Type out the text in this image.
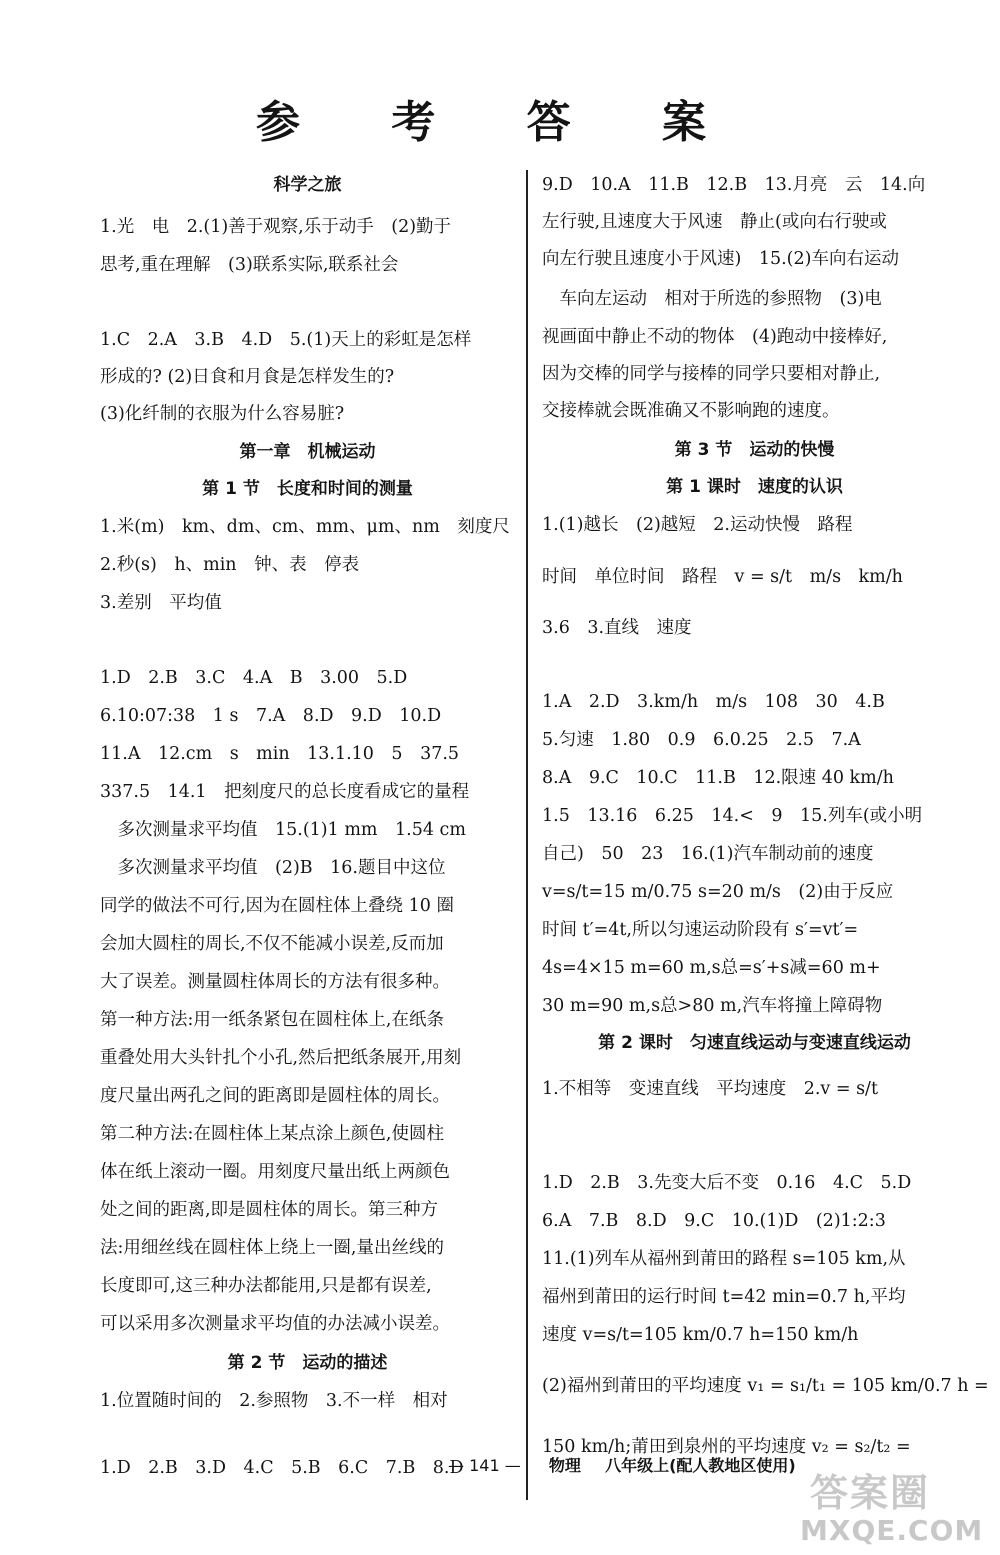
参 考 答 案
科学之旅
1.光　电　2.(1)善于观察,乐于动手　(2)勤于
思考,重在理解　(3)联系实际,联系社会
1.C　2.A　3.B　4.D　5.(1)天上的彩虹是怎样
形成的? (2)日食和月食是怎样发生的?
(3)化纤制的衣服为什么容易脏?
第一章　机械运动
第 1 节　长度和时间的测量
1.米(m)　km、dm、cm、mm、μm、nm　刻度尺
2.秒(s)　h、min　钟、表　停表
3.差别　平均值
1.D　2.B　3.C　4.A　B　3.00　5.D
6.10:07:38　1 s　7.A　8.D　9.D　10.D
11.A　12.cm　s　min　13.1.10　5　37.5
337.5　14.1　把刻度尺的总长度看成它的量程
　多次测量求平均值　15.(1)1 mm　1.54 cm
　多次测量求平均值　(2)B　16.题目中这位
同学的做法不可行,因为在圆柱体上叠绕 10 圈
会加大圆柱的周长,不仅不能减小误差,反而加
大了误差。测量圆柱体周长的方法有很多种。
第一种方法:用一纸条紧包在圆柱体上,在纸条
重叠处用大头针扎个小孔,然后把纸条展开,用刻
度尺量出两孔之间的距离即是圆柱体的周长。
第二种方法:在圆柱体上某点涂上颜色,使圆柱
体在纸上滚动一圈。用刻度尺量出纸上两颜色
处之间的距离,即是圆柱体的周长。第三种方
法:用细丝线在圆柱体上绕上一圈,量出丝线的
长度即可,这三种办法都能用,只是都有误差,
可以采用多次测量求平均值的办法减小误差。
第 2 节　运动的描述
1.位置随时间的　2.参照物　3.不一样　相对
1.D　2.B　3.D　4.C　5.B　6.C　7.B　8.D
9.D　10.A　11.B　12.B　13.月亮　云　14.向
左行驶,且速度大于风速　静止(或向右行驶或
向左行驶且速度小于风速)　15.(2)车向右运动
　车向左运动　相对于所选的参照物　(3)电
视画面中静止不动的物体　(4)跑动中接棒好,
因为交棒的同学与接棒的同学只要相对静止,
交接棒就会既准确又不影响跑的速度。
第 3 节　运动的快慢
第 1 课时　速度的认识
1.(1)越长　(2)越短　2.运动快慢　路程
时间　单位时间　路程　v = s/t　m/s　km/h
3.6　3.直线　速度
1.A　2.D　3.km/h　m/s　108　30　4.B
5.匀速　1.80　0.9　6.0.25　2.5　7.A
8.A　9.C　10.C　11.B　12.限速 40 km/h
1.5　13.16　6.25　14.<　9　15.列车(或小明
自己)　50　23　16.(1)汽车制动前的速度
v=s/t=15 m/0.75 s=20 m/s　(2)由于反应
时间 t′=4t,所以匀速运动阶段有 s′=vt′=
4s=4×15 m=60 m,s总=s′+s减=60 m+
30 m=90 m,s总>80 m,汽车将撞上障碍物
第 2 课时　匀速直线运动与变速直线运动
1.不相等　变速直线　平均速度　2.v = s/t
1.D　2.B　3.先变大后不变　0.16　4.C　5.D
6.A　7.B　8.D　9.C　10.(1)D　(2)1:2:3
11.(1)列车从福州到莆田的路程 s=105 km,从
福州到莆田的运行时间 t=42 min=0.7 h,平均
速度 v=s/t=105 km/0.7 h=150 km/h
(2)福州到莆田的平均速度 v₁ = s₁/t₁ = 105 km/0.7 h =
150 km/h;莆田到泉州的平均速度 v₂ = s₂/t₂ =
— 141 — 物理 八年级上(配人教地区使用)
答案圈
MXQE.COM
